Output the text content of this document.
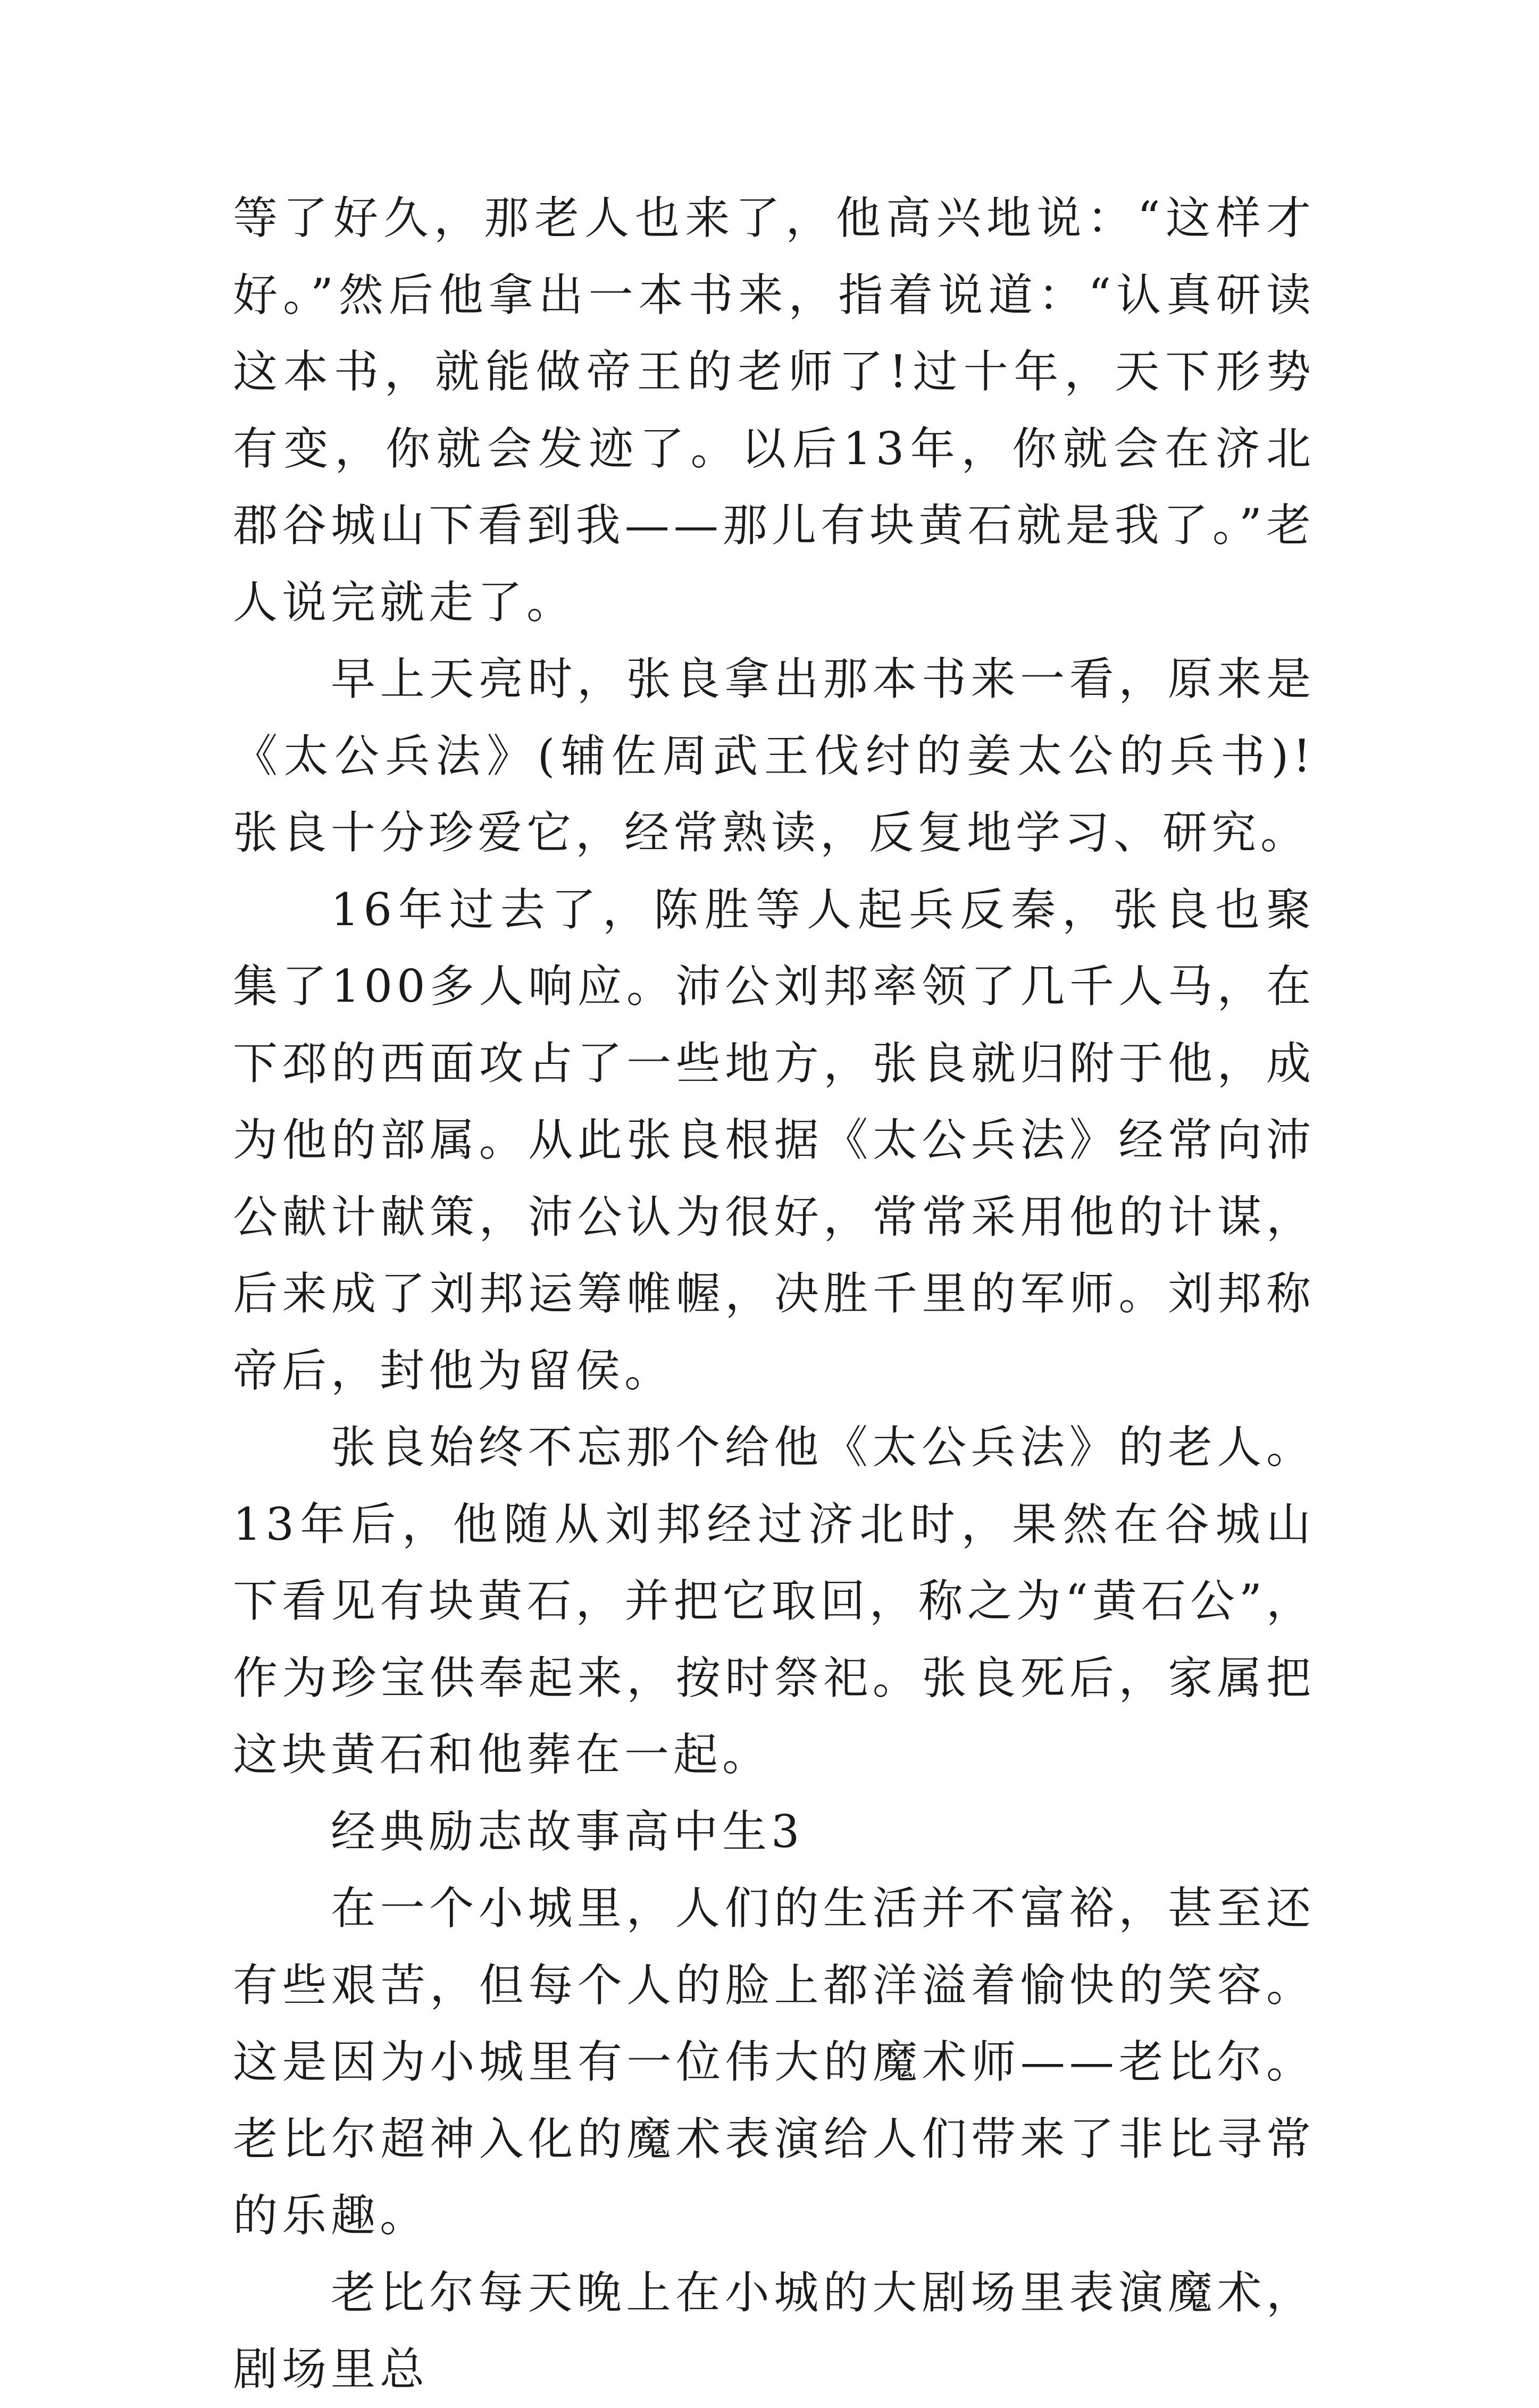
等了好久，那老人也来了，他高兴地说：“这样才好。”然后他拿出一本书来，指着说道：“认真研读这本书，就能做帝王的老师了!过十年，天下形势有变，你就会发迹了。以后13年，你就会在济北郡谷城山下看到我——那儿有块黄石就是我了。”老人说完就走了。

早上天亮时，张良拿出那本书来一看，原来是《太公兵法》(辅佐周武王伐纣的姜太公的兵书)!张良十分珍爱它，经常熟读，反复地学习、研究。

16年过去了，陈胜等人起兵反秦，张良也聚集了100多人响应。沛公刘邦率领了几千人马，在下邳的西面攻占了一些地方，张良就归附于他，成为他的部属。从此张良根据《太公兵法》经常向沛公献计献策，沛公认为很好，常常采用他的计谋，后来成了刘邦运筹帷幄，决胜千里的军师。刘邦称帝后，封他为留侯。

张良始终不忘那个给他《太公兵法》的老人。13年后，他随从刘邦经过济北时，果然在谷城山下看见有块黄石，并把它取回，称之为“黄石公”，作为珍宝供奉起来，按时祭祀。张良死后，家属把这块黄石和他葬在一起。

经典励志故事高中生3

在一个小城里，人们的生活并不富裕，甚至还有些艰苦，但每个人的脸上都洋溢着愉快的笑容。这是因为小城里有一位伟大的魔术师——老比尔。老比尔超神入化的魔术表演给人们带来了非比寻常的乐趣。

老比尔每天晚上在小城的大剧场里表演魔术，剧场里总
